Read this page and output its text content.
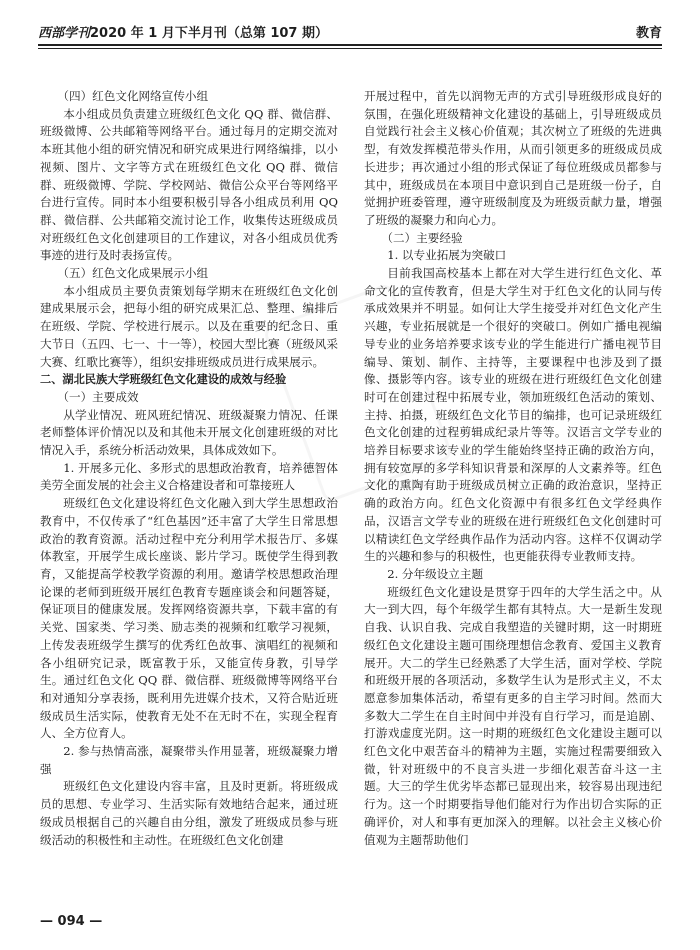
西部学刊2020 年 1 月下半月刊（总第 107 期）	教育

（四）红色文化网络宣传小组

本小组成员负责建立班级红色文化 QQ 群、微信群、班级微博、公共邮箱等网络平台。通过每月的定期交流对本班其他小组的研究情况和研究成果进行网络编排，以小视频、图片、文字等方式在班级红色文化 QQ 群、微信群、班级微博、学院、学校网站、微信公众平台等网络平台进行宣传。同时本小组要积极引导各小组成员利用 QQ 群、微信群、公共邮箱交流讨论工作，收集传达班级成员对班级红色文化创建项目的工作建议，对各小组成员优秀事迹的进行及时表扬宣传。

（五）红色文化成果展示小组

本小组成员主要负责策划每学期末在班级红色文化创建成果展示会，把每小组的研究成果汇总、整理、编排后在班级、学院、学校进行展示。以及在重要的纪念日、重大节日（五四、七一、十一等），校园大型比赛（班级风采大赛、红歌比赛等），组织安排班级成员进行成果展示。

二、湖北民族大学班级红色文化建设的成效与经验

（一）主要成效

从学业情况、班风班纪情况、班级凝聚力情况、任课老师整体评价情况以及和其他未开展文化创建班级的对比情况入手，系统分析活动效果，具体成效如下。

1. 开展多元化、多形式的思想政治教育，培养德智体美劳全面发展的社会主义合格建设者和可靠接班人

班级红色文化建设将红色文化融入到大学生思想政治教育中，不仅传承了“红色基因”还丰富了大学生日常思想政治的教育资源。活动过程中充分利用学术报告厅、多媒体教室，开展学生成长座谈、影片学习。既使学生得到教育，又能提高学校教学资源的利用。邀请学校思想政治理论课的老师到班级开展红色教育专题座谈会和问题答疑，保证项目的健康发展。发挥网络资源共享，下载丰富的有关党、国家类、学习类、励志类的视频和红歌学习视频，上传发表班级学生撰写的优秀红色故事、演唱红的视频和各小组研究记录，既富教于乐，又能宣传身教，引导学生。通过红色文化 QQ 群、微信群、班级微博等网络平台和对通知分享表扬，既利用先进媒介技术，又符合贴近班级成员生活实际，使教育无处不在无时不在，实现全程育人、全方位育人。

2. 参与热情高涨，凝聚带头作用显著，班级凝聚力增强

班级红色文化建设内容丰富，且及时更新。将班级成员的思想、专业学习、生活实际有效地结合起来，通过班级成员根据自己的兴趣自由分组，激发了班级成员参与班级活动的积极性和主动性。在班级红色文化创建

开展过程中，首先以润物无声的方式引导班级形成良好的氛围，在强化班级精神文化建设的基础上，引导班级成员自觉践行社会主义核心价值观；其次树立了班级的先进典型，有效发挥模范带头作用，从而引领更多的班级成员成长进步；再次通过小组的形式保证了每位班级成员都参与其中，班级成员在本项目中意识到自己是班级一份子，自觉拥护班委管理，遵守班级制度及为班级贡献力量，增强了班级的凝聚力和向心力。

（二）主要经验

1. 以专业拓展为突破口

目前我国高校基本上都在对大学生进行红色文化、革命文化的宣传教育，但是大学生对于红色文化的认同与传承成效果并不明显。如何让大学生接受并对红色文化产生兴趣，专业拓展就是一个很好的突破口。例如广播电视编导专业的业务培养要求该专业的学生能进行广播电视节目编导、策划、制作、主持等，主要课程中也涉及到了摄像、摄影等内容。该专业的班级在进行班级红色文化创建时可在创建过程中拓展专业，领加班级红色活动的策划、主持、拍摄，班级红色文化节目的编排，也可记录班级红色文化创建的过程剪辑成纪录片等等。汉语言文学专业的培养目标要求该专业的学生能始终坚持正确的政治方向，拥有较宽厚的多学科知识背景和深厚的人文素养等。红色文化的熏陶有助于班级成员树立正确的政治意识，坚持正确的政治方向。红色文化资源中有很多红色文学经典作品，汉语言文学专业的班级在进行班级红色文化创建时可以精读红色文学经典作品作为活动内容。这样不仅调动学生的兴趣和参与的积极性，也更能获得专业教师支持。

2. 分年级设立主题

班级红色文化建设是贯穿于四年的大学生活之中。从大一到大四，每个年级学生都有其特点。大一是新生发现自我、认识自我、完成自我塑造的关键时期，这一时期班级红色文化建设主题可围绕理想信念教育、爱国主义教育展开。大二的学生已经熟悉了大学生活，面对学校、学院和班级开展的各项活动，多数学生认为是形式主义，不太愿意参加集体活动，希望有更多的自主学习时间。然而大多数大二学生在自主时间中并没有自行学习，而是追剧、打游戏虚度光阴。这一时期的班级红色文化建设主题可以红色文化中艰苦奋斗的精神为主题，实施过程需要细致入微，针对班级中的不良言头进一步细化艰苦奋斗这一主题。大三的学生优劣毕态都已显现出来，较容易出现违纪行为。这一个时期要指导他们能对行为作出切合实际的正确评价，对人和事有更加深入的理解。以社会主义核心价值观为主题帮助他们

— 094 —
